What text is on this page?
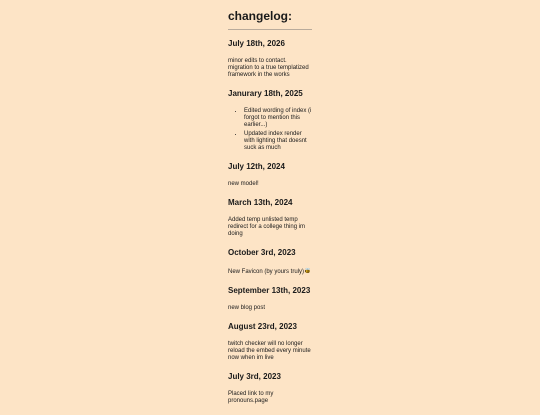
changelog:
July 18th, 2026
minor edits to contact. migration to a true templatized framework in the works
Janurary 18th, 2025
• Edited wording of index (i forgot to mention this earlier...)
• Updated index render with lighting that doesnt suck as much
July 12th, 2024
new model!
March 13th, 2024
Added temp unlisted temp redirect for a college thing im doing
October 3rd, 2023
New Favicon (by yours truly)
September 13th, 2023
new blog post
August 23rd, 2023
twitch checker will no longer reload the embed every minute now when im live
July 3rd, 2023
Placed link to my pronouns.page
